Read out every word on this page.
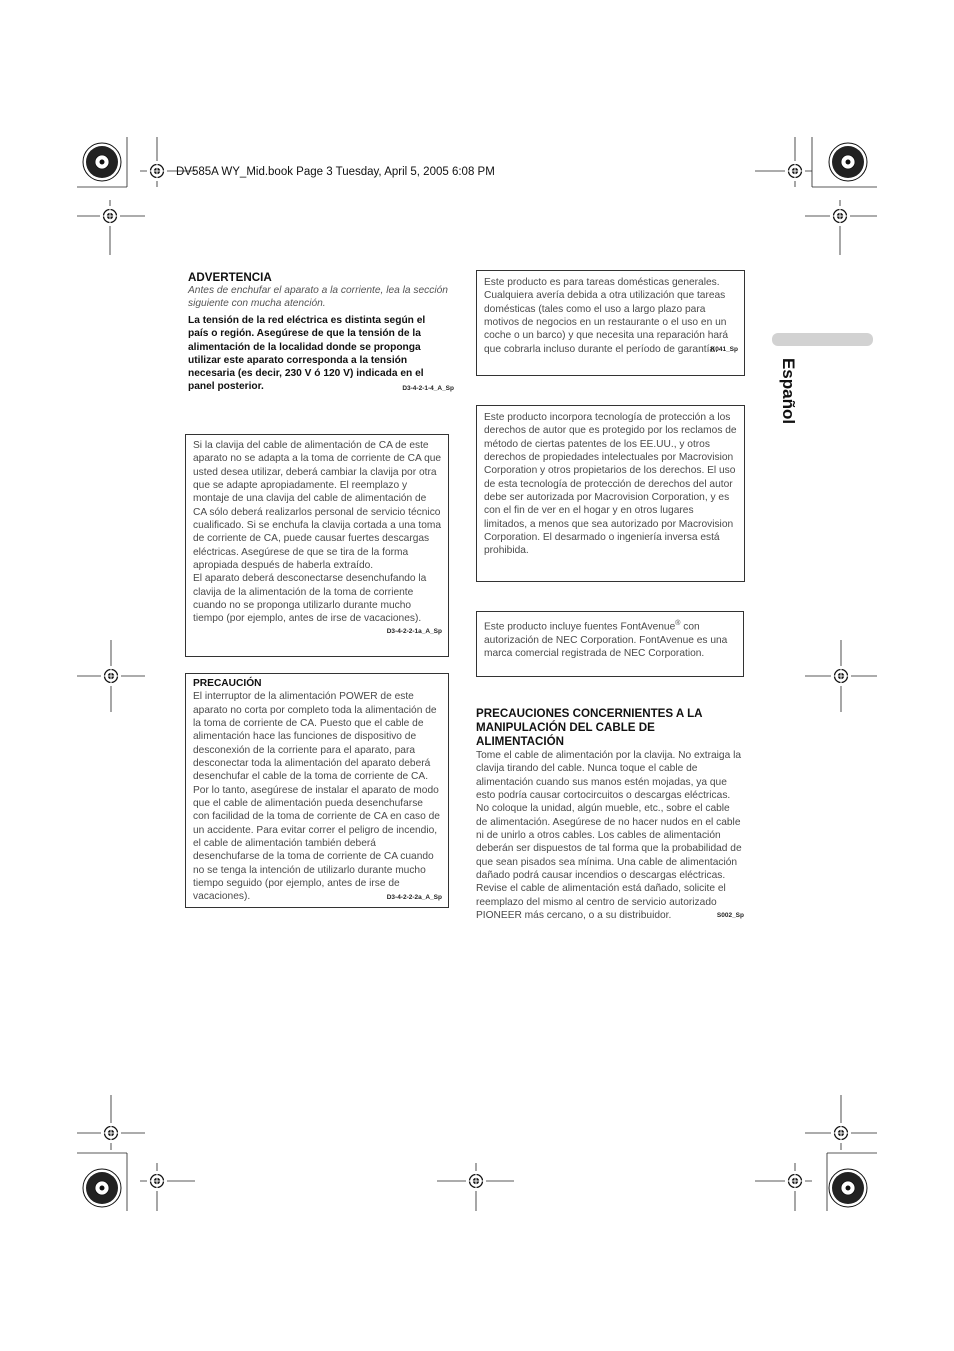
DV585A WY_Mid.book Page 3 Tuesday, April 5, 2005 6:08 PM
Español
ADVERTENCIA
Antes de enchufar el aparato a la corriente, lea la sección siguiente con mucha atención.
La tensión de la red eléctrica es distinta según el país o región. Asegúrese de que la tensión de la alimentación de la localidad donde se proponga utilizar este aparato corresponda a la tensión necesaria (es decir, 230 V ó 120 V) indicada en el panel posterior.	D3-4-2-1-4_A_Sp
Si la clavija del cable de alimentación de CA de este aparato no se adapta a la toma de corriente de CA que usted desea utilizar, deberá cambiar la clavija por otra que se adapte apropiadamente. El reemplazo y montaje de una clavija del cable de alimentación de CA sólo deberá realizarlos personal de servicio técnico cualificado. Si se enchufa la clavija cortada a una toma de corriente de CA, puede causar fuertes descargas eléctricas. Asegúrese de que se tira de la forma apropiada después de haberla extraído.
El aparato deberá desconectarse desenchufando la clavija de la alimentación de la toma de corriente cuando no se proponga utilizarlo durante mucho tiempo (por ejemplo, antes de irse de vacaciones).
D3-4-2-2-1a_A_Sp
PRECAUCIÓN
El interruptor de la alimentación POWER de este aparato no corta por completo toda la alimentación de la toma de corriente de CA. Puesto que el cable de alimentación hace las funciones de dispositivo de desconexión de la corriente para el aparato, para desconectar toda la alimentación del aparato deberá desenchufar el cable de la toma de corriente de CA. Por lo tanto, asegúrese de instalar el aparato de modo que el cable de alimentación pueda desenchufarse con facilidad de la toma de corriente de CA en caso de un accidente. Para evitar correr el peligro de incendio, el cable de alimentación también deberá desenchufarse de la toma de corriente de CA cuando no se tenga la intención de utilizarlo durante mucho tiempo seguido (por ejemplo, antes de irse de vacaciones).	D3-4-2-2-2a_A_Sp
Este producto es para tareas domésticas generales. Cualquiera avería debida a otra utilización que tareas domésticas (tales como el uso a largo plazo para motivos de negocios en un restaurante o el uso en un coche o un barco) y que necesita una reparación hará que cobrarla incluso durante el período de garantía.
K041_Sp
Este producto incorpora tecnología de protección a los derechos de autor que es protegido por los reclamos de método de ciertas patentes de los EE.UU., y otros derechos de propiedades intelectuales por Macrovision Corporation y otros propietarios de los derechos. El uso de esta tecnología de protección de derechos del autor debe ser autorizada por Macrovision Corporation, y es con el fin de ver en el hogar y en otros lugares limitados, a menos que sea autorizado por Macrovision Corporation. El desarmado o ingeniería inversa está prohibida.
Este producto incluye fuentes FontAvenue® con autorización de NEC Corporation. FontAvenue es una marca comercial registrada de NEC Corporation.
PRECAUCIONES CONCERNIENTES A LA MANIPULACIÓN DEL CABLE DE ALIMENTACIÓN
Tome el cable de alimentación por la clavija. No extraiga la clavija tirando del cable. Nunca toque el cable de alimentación cuando sus manos estén mojadas, ya que esto podría causar cortocircuitos o descargas eléctricas. No coloque la unidad, algún mueble, etc., sobre el cable de alimentación. Asegúrese de no hacer nudos en el cable ni de unirlo a otros cables. Los cables de alimentación deberán ser dispuestos de tal forma que la probabilidad de que sean pisados sea mínima. Una cable de alimentación dañado podrá causar incendios o descargas eléctricas. Revise el cable de alimentación está dañado, solicite el reemplazo del mismo al centro de servicio autorizado PIONEER más cercano, o a su distribuidor.	S002_Sp
